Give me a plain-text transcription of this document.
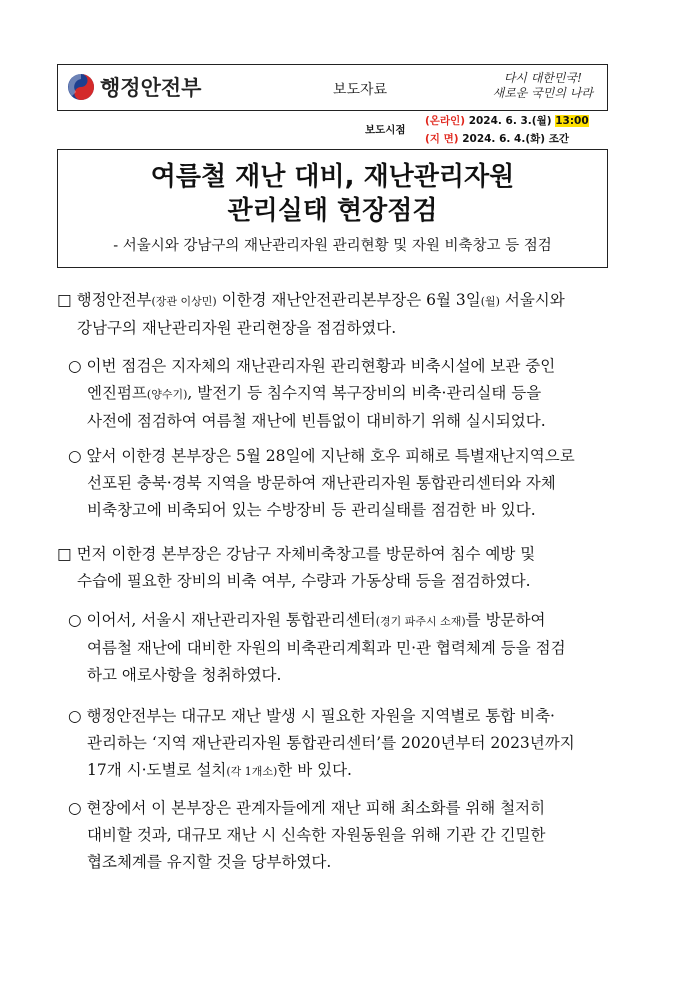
행정안전부	보도자료
다시 대한민국!
새로운 국민의 나라
보도시점
(온라인) 2024. 6. 3.(월) 13:00
(지 면) 2024. 6. 4.(화) 조간
여름철 재난 대비, 재난관리자원
관리실태 현장점검
- 서울시와 강남구의 재난관리자원 관리현황 및 자원 비축창고 등 점검
□ 행정안전부(장관 이상민) 이한경 재난안전관리본부장은 6월 3일(월) 서울시와
강남구의 재난관리자원 관리현장을 점검하였다.
○ 이번 점검은 지자체의 재난관리자원 관리현황과 비축시설에 보관 중인
엔진펌프(양수기), 발전기 등 침수지역 복구장비의 비축·관리실태 등을
사전에 점검하여 여름철 재난에 빈틈없이 대비하기 위해 실시되었다.
○ 앞서 이한경 본부장은 5월 28일에 지난해 호우 피해로 특별재난지역으로
선포된 충북·경북 지역을 방문하여 재난관리자원 통합관리센터와 자체
비축창고에 비축되어 있는 수방장비 등 관리실태를 점검한 바 있다.
□ 먼저 이한경 본부장은 강남구 자체비축창고를 방문하여 침수 예방 및
수습에 필요한 장비의 비축 여부, 수량과 가동상태 등을 점검하였다.
○ 이어서, 서울시 재난관리자원 통합관리센터(경기 파주시 소재)를 방문하여
여름철 재난에 대비한 자원의 비축관리계획과 민·관 협력체계 등을 점검
하고 애로사항을 청취하였다.
○ 행정안전부는 대규모 재난 발생 시 필요한 자원을 지역별로 통합 비축·
관리하는 ‘지역 재난관리자원 통합관리센터’를 2020년부터 2023년까지
17개 시·도별로 설치(각 1개소)한 바 있다.
○ 현장에서 이 본부장은 관계자들에게 재난 피해 최소화를 위해 철저히
대비할 것과, 대규모 재난 시 신속한 자원동원을 위해 기관 간 긴밀한
협조체계를 유지할 것을 당부하였다.
